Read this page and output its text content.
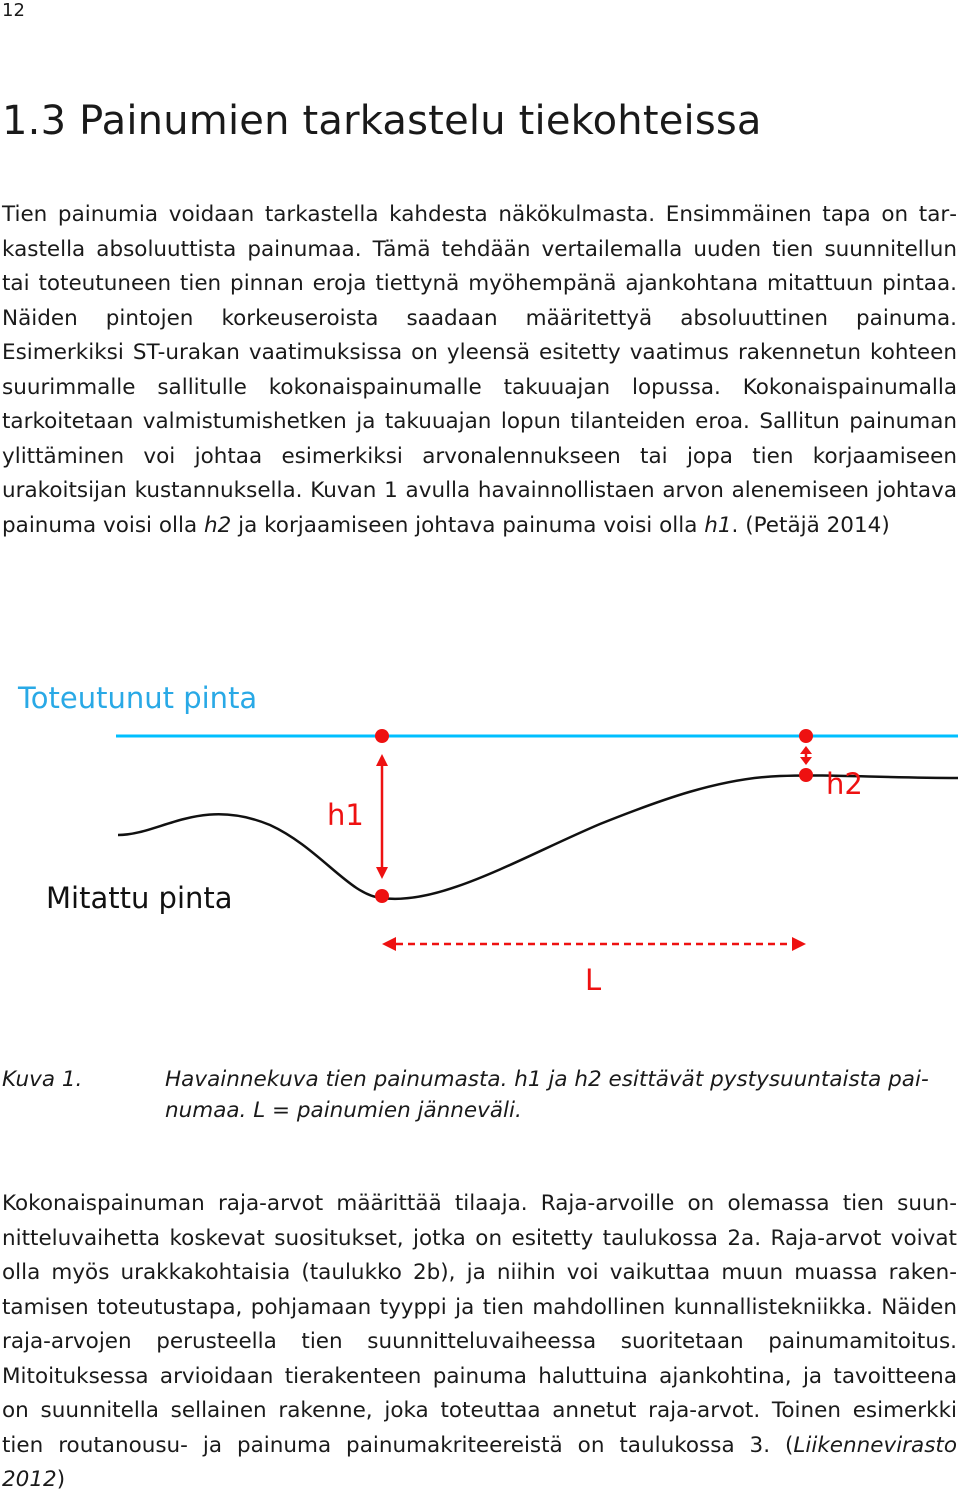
12
1.3 Painumien tarkastelu tiekohteissa

Tien painumia voidaan tarkastella kahdesta näkökulmasta. Ensimmäinen tapa on tarkastella absoluuttista painumaa. Tämä tehdään vertailemalla uuden tien suunnitellun tai toteutuneen tien pinnan eroja tiettynä myöhempänä ajankohtana mitattuun pintaa. Näiden pintojen korkeuseroista saadaan määritettyä absoluuttinen painuma. Esimerkiksi ST-urakan vaatimuksissa on yleensä esitetty vaatimus rakennetun kohteen suurimmalle sallitulle kokonaispainumalle takuuajan lopussa. Kokonaispainumalla tarkoitetaan valmistumishetken ja takuuajan lopun tilanteiden eroa. Sallitun painuman ylittäminen voi johtaa esimerkiksi arvonalennukseen tai jopa tien korjaamiseen urakoitsijan kustannuksella. Kuvan 1 avulla havainnollistaen arvon alenemiseen johtava painuma voisi olla h2 ja korjaamiseen johtava painuma voisi olla h1. (Petäjä 2014)

Toteutunut pinta
Mitattu pinta
h1
h2
L
Kuva 1.	Havainnekuva tien painumasta. h1 ja h2 esittävät pystysuuntaista painumaa. L = painumien jänneväli.

Kokonaispainuman raja-arvot määrittää tilaaja. Raja-arvoille on olemassa tien suunnitteluvaihetta koskevat suositukset, jotka on esitetty taulukossa 2a. Raja-arvot voivat olla myös urakkakohtaisia (taulukko 2b), ja niihin voi vaikuttaa muun muassa rakentamisen toteutustapa, pohjamaan tyyppi ja tien mahdollinen kunnallistekniikka. Näiden raja-arvojen perusteella tien suunnitteluvaiheessa suoritetaan painumamitoitus. Mitoituksessa arvioidaan tierakenteen painuma haluttuina ajankohtina, ja tavoitteena on suunnitella sellainen rakenne, joka toteuttaa annetut raja-arvot. Toinen esimerkki tien routanousu- ja painuma painumakriteereistä on taulukossa 3. (Liikennevirasto 2012)
